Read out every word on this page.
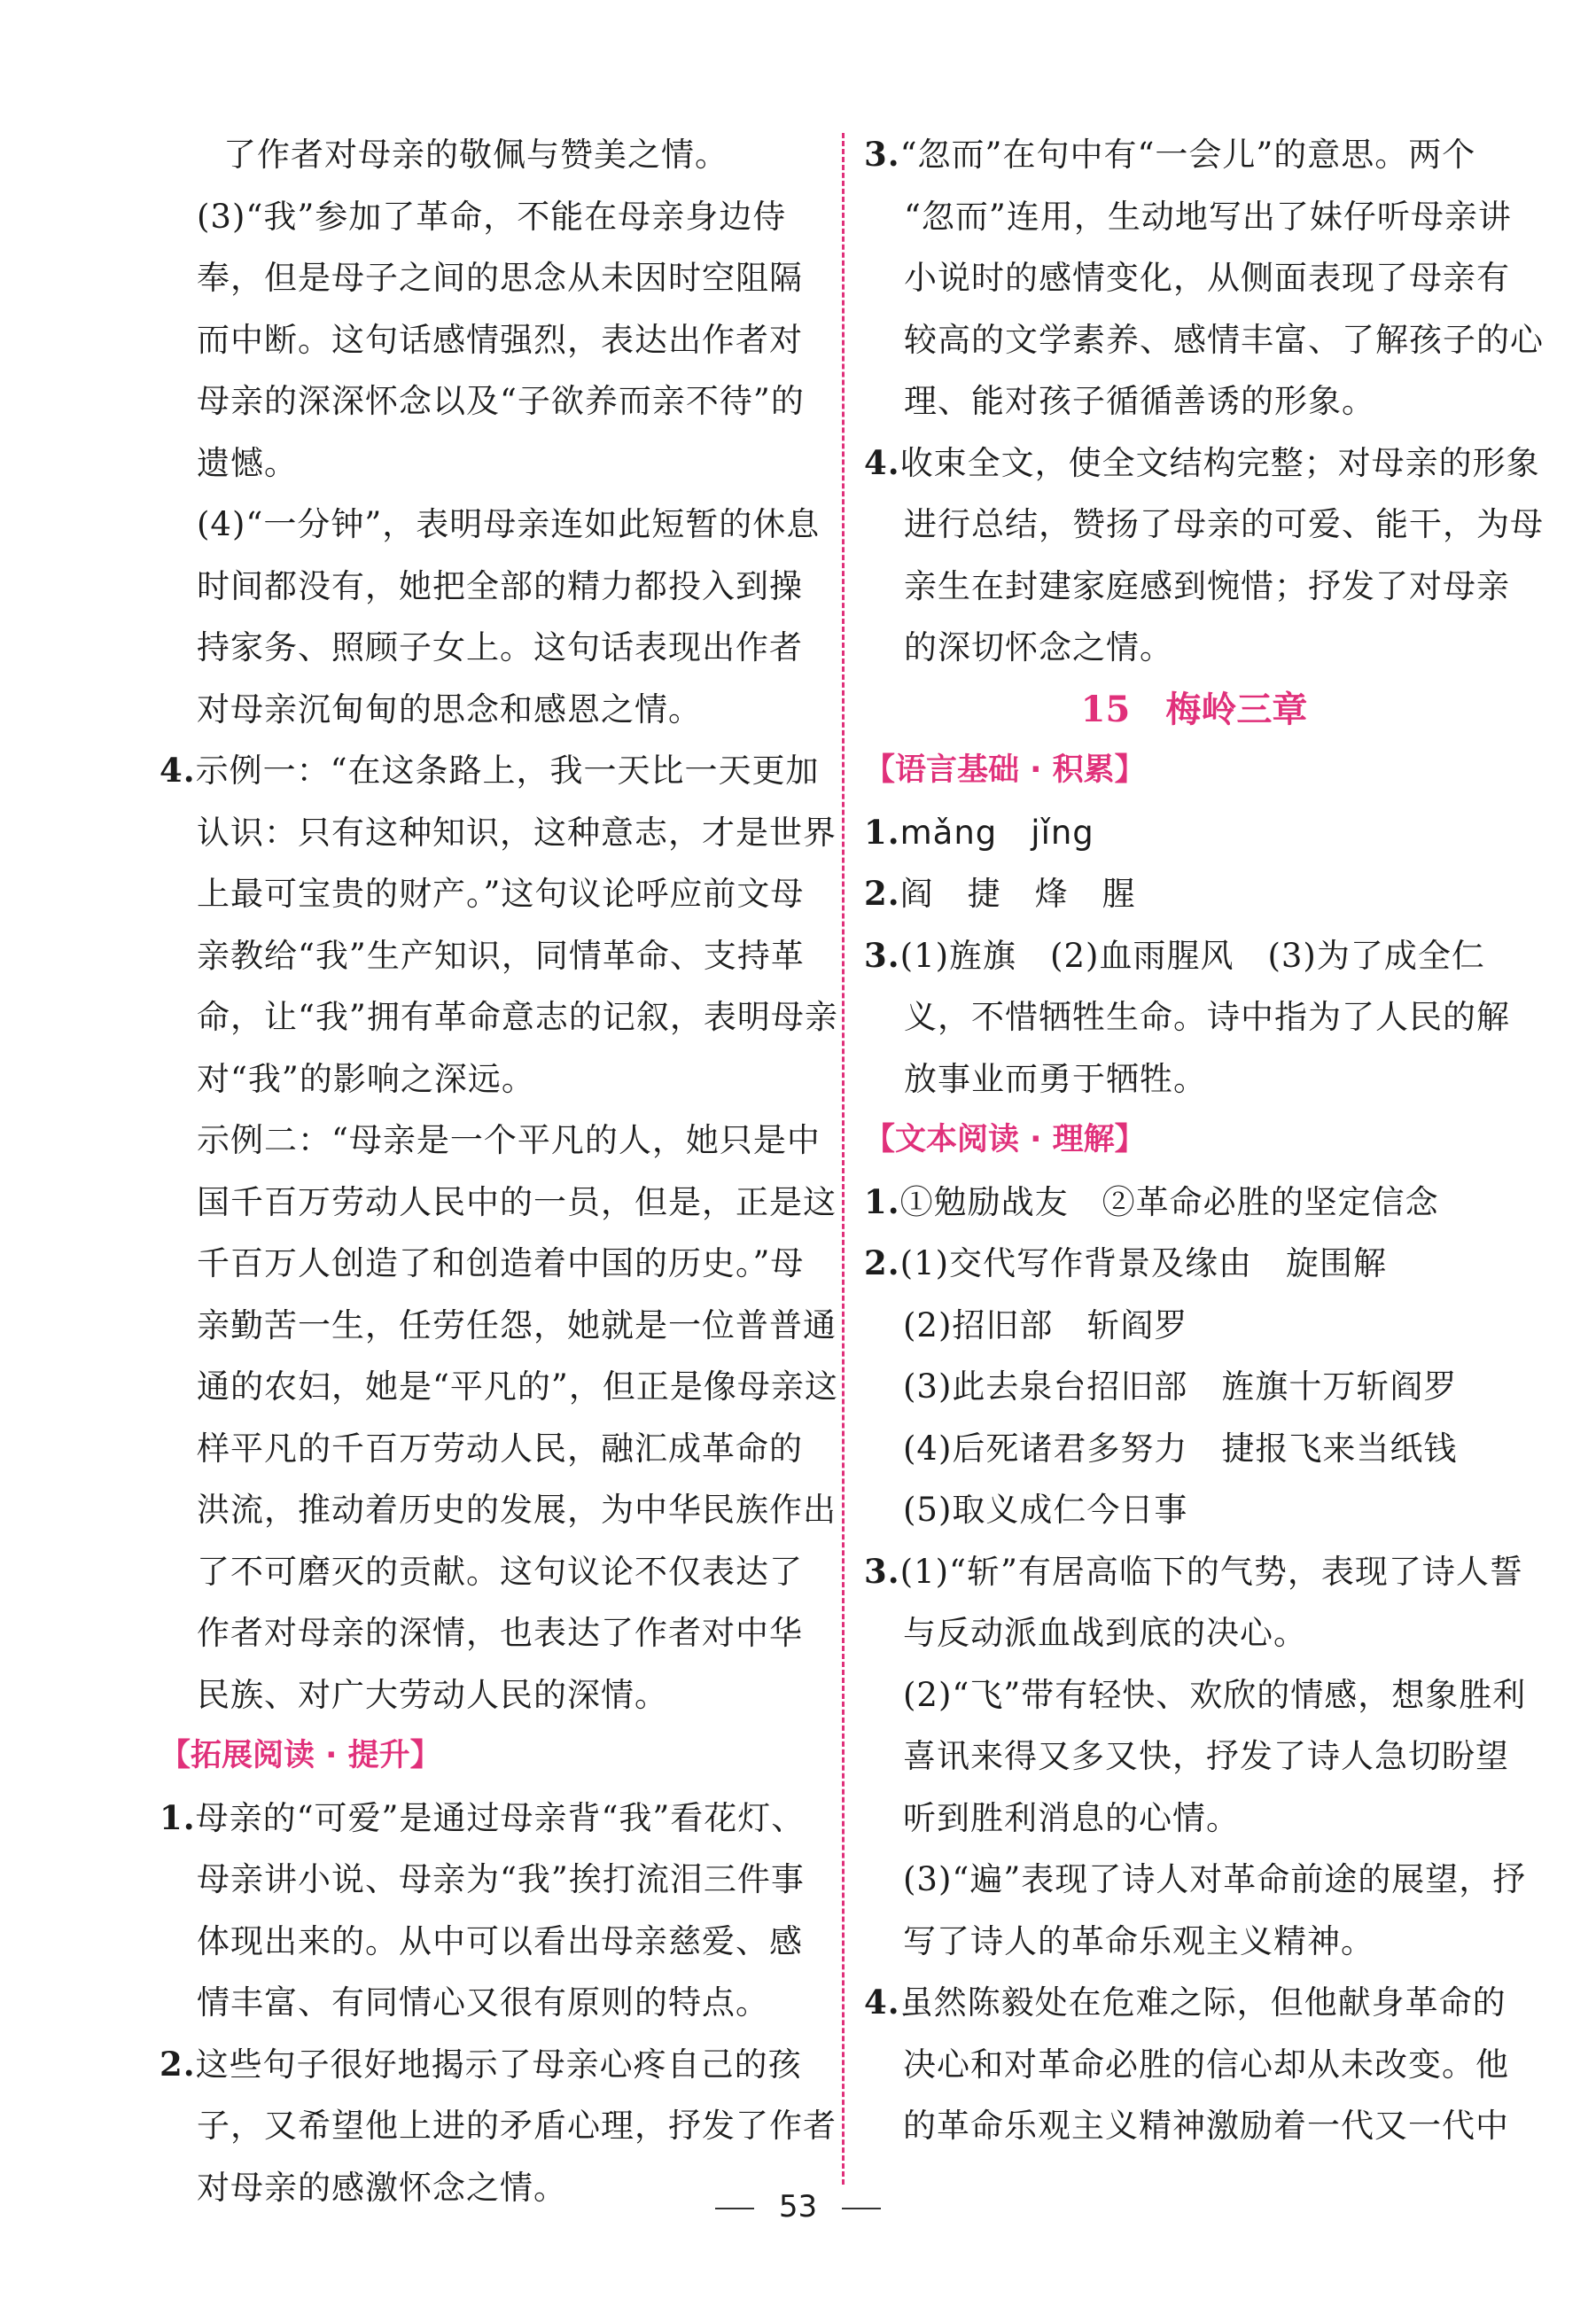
了作者对母亲的敬佩与赞美之情。
(3)“我”参加了革命，不能在母亲身边侍
奉，但是母子之间的思念从未因时空阻隔
而中断。这句话感情强烈，表达出作者对
母亲的深深怀念以及“子欲养而亲不待”的
遗憾。
(4)“一分钟”，表明母亲连如此短暂的休息
时间都没有，她把全部的精力都投入到操
持家务、照顾子女上。这句话表现出作者
对母亲沉甸甸的思念和感恩之情。
4.示例一：“在这条路上，我一天比一天更加
认识：只有这种知识，这种意志，才是世界
上最可宝贵的财产。”这句议论呼应前文母
亲教给“我”生产知识，同情革命、支持革
命，让“我”拥有革命意志的记叙，表明母亲
对“我”的影响之深远。
示例二：“母亲是一个平凡的人，她只是中
国千百万劳动人民中的一员，但是，正是这
千百万人创造了和创造着中国的历史。”母
亲勤苦一生，任劳任怨，她就是一位普普通
通的农妇，她是“平凡的”，但正是像母亲这
样平凡的千百万劳动人民，融汇成革命的
洪流，推动着历史的发展，为中华民族作出
了不可磨灭的贡献。这句议论不仅表达了
作者对母亲的深情，也表达了作者对中华
民族、对广大劳动人民的深情。
【拓展阅读 · 提升】
1.母亲的“可爱”是通过母亲背“我”看花灯、
母亲讲小说、母亲为“我”挨打流泪三件事
体现出来的。从中可以看出母亲慈爱、感
情丰富、有同情心又很有原则的特点。
2.这些句子很好地揭示了母亲心疼自己的孩
子，又希望他上进的矛盾心理，抒发了作者
对母亲的感激怀念之情。
3.“忽而”在句中有“一会儿”的意思。两个
“忽而”连用，生动地写出了妹仔听母亲讲
小说时的感情变化，从侧面表现了母亲有
较高的文学素养、感情丰富、了解孩子的心
理、能对孩子循循善诱的形象。
4.收束全文，使全文结构完整；对母亲的形象
进行总结，赞扬了母亲的可爱、能干，为母
亲生在封建家庭感到惋惜；抒发了对母亲
的深切怀念之情。
15　梅岭三章
【语言基础 · 积累】
1.mǎng　jǐng
2.阎　捷　烽　腥
3.(1)旌旗　(2)血雨腥风　(3)为了成全仁
义，不惜牺牲生命。诗中指为了人民的解
放事业而勇于牺牲。
【文本阅读 · 理解】
1.①勉励战友　②革命必胜的坚定信念
2.(1)交代写作背景及缘由　旋围解
(2)招旧部　斩阎罗
(3)此去泉台招旧部　旌旗十万斩阎罗
(4)后死诸君多努力　捷报飞来当纸钱
(5)取义成仁今日事
3.(1)“斩”有居高临下的气势，表现了诗人誓
与反动派血战到底的决心。
(2)“飞”带有轻快、欢欣的情感，想象胜利
喜讯来得又多又快，抒发了诗人急切盼望
听到胜利消息的心情。
(3)“遍”表现了诗人对革命前途的展望，抒
写了诗人的革命乐观主义精神。
4.虽然陈毅处在危难之际，但他献身革命的
决心和对革命必胜的信心却从未改变。他
的革命乐观主义精神激励着一代又一代中
53
